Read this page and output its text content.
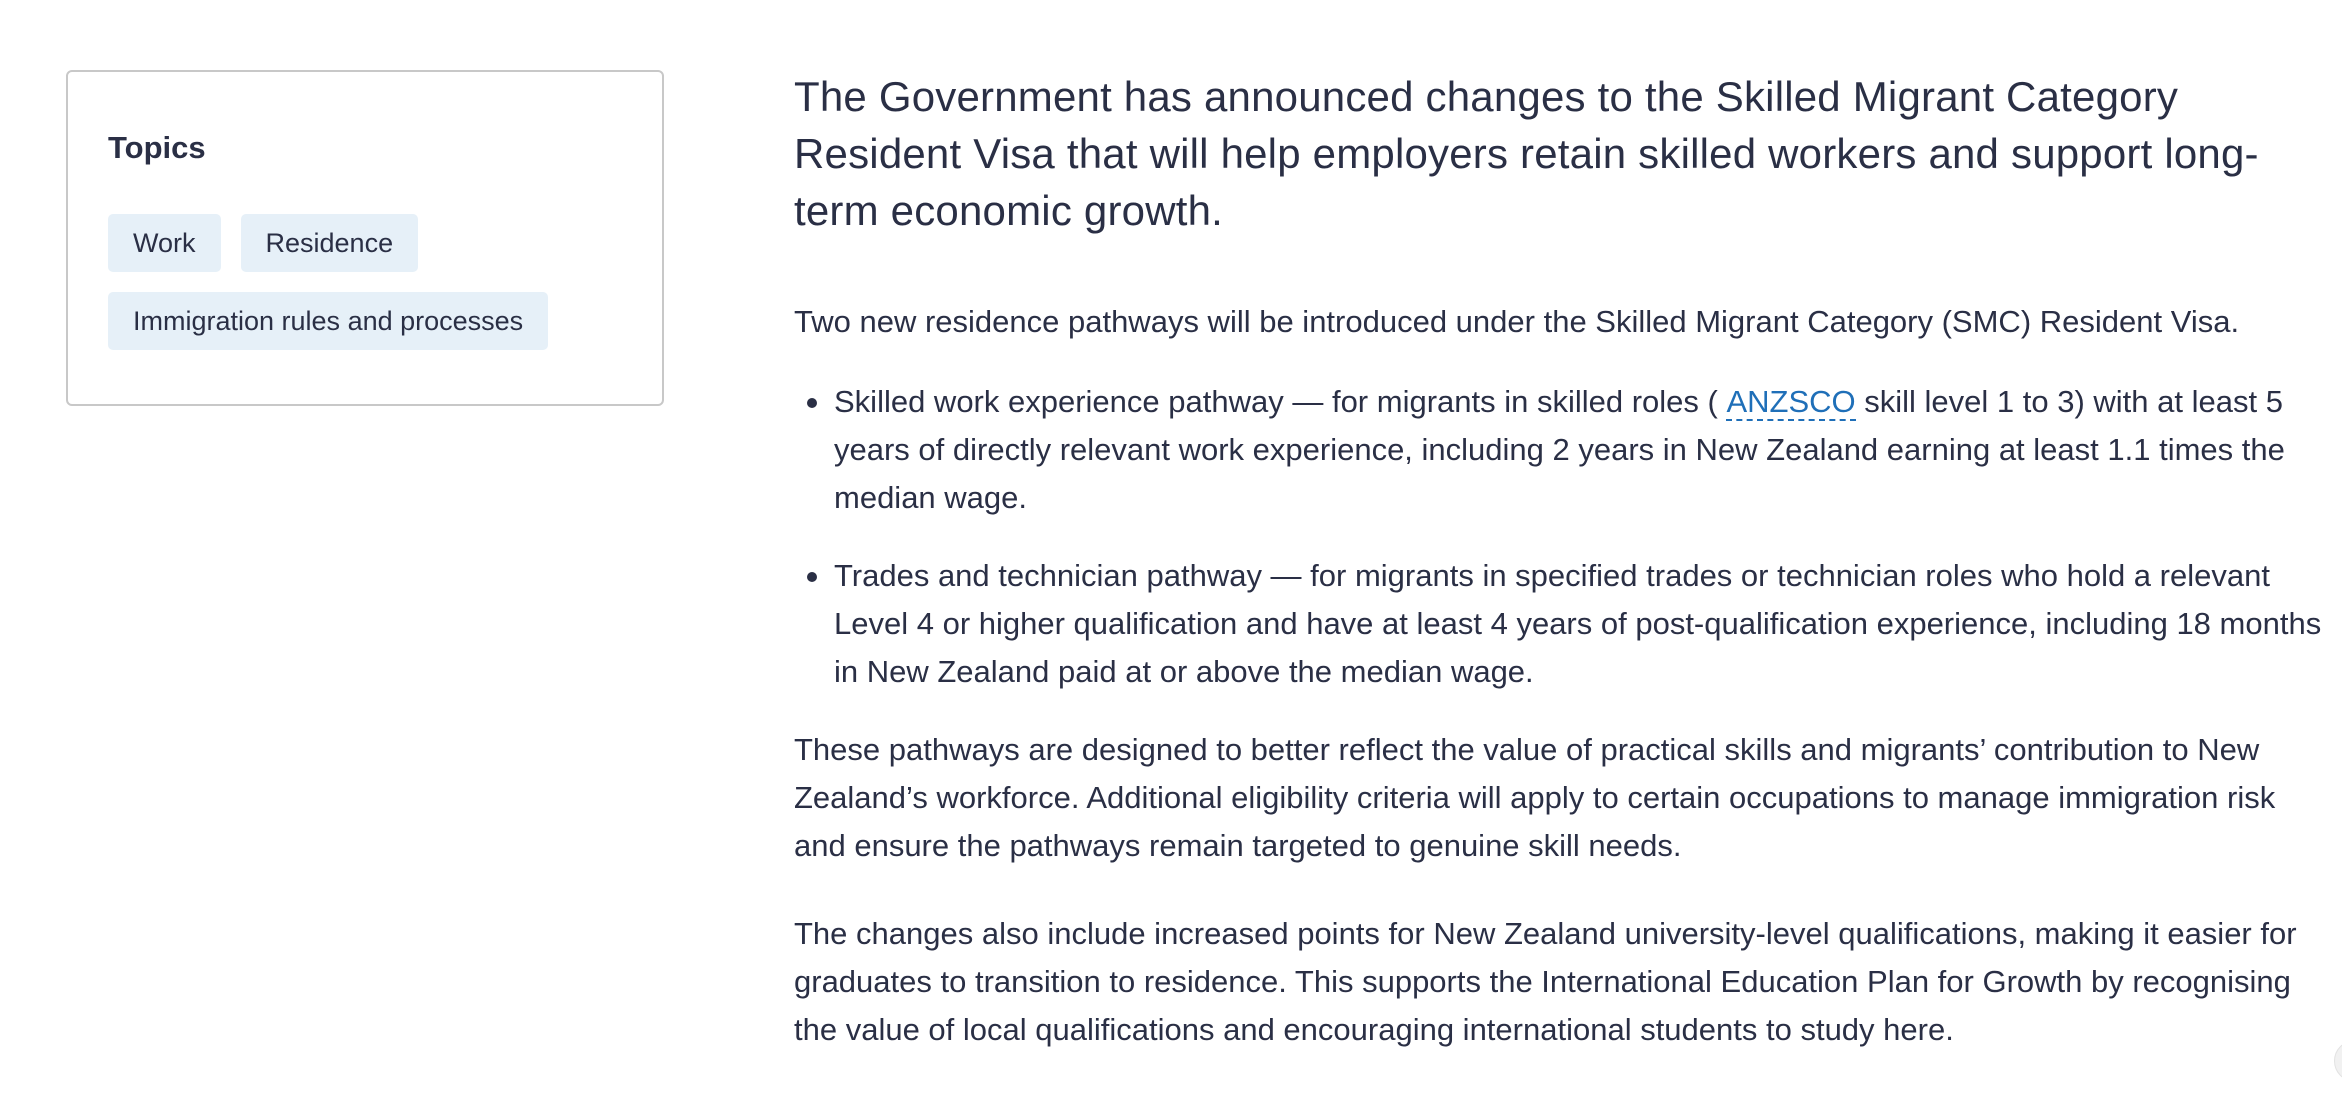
Topics
Work	Residence
Immigration rules and processes

The Government has announced changes to the Skilled Migrant Category Resident Visa that will help employers retain skilled workers and support long-term economic growth.

Two new residence pathways will be introduced under the Skilled Migrant Category (SMC) Resident Visa.

Skilled work experience pathway — for migrants in skilled roles ( ANZSCO skill level 1 to 3) with at least 5 years of directly relevant work experience, including 2 years in New Zealand earning at least 1.1 times the median wage.
Trades and technician pathway — for migrants in specified trades or technician roles who hold a relevant Level 4 or higher qualification and have at least 4 years of post-qualification experience, including 18 months in New Zealand paid at or above the median wage.

These pathways are designed to better reflect the value of practical skills and migrants’ contribution to New Zealand’s workforce. Additional eligibility criteria will apply to certain occupations to manage immigration risk and ensure the pathways remain targeted to genuine skill needs.

The changes also include increased points for New Zealand university-level qualifications, making it easier for graduates to transition to residence. This supports the International Education Plan for Growth by recognising the value of local qualifications and encouraging international students to study here.
